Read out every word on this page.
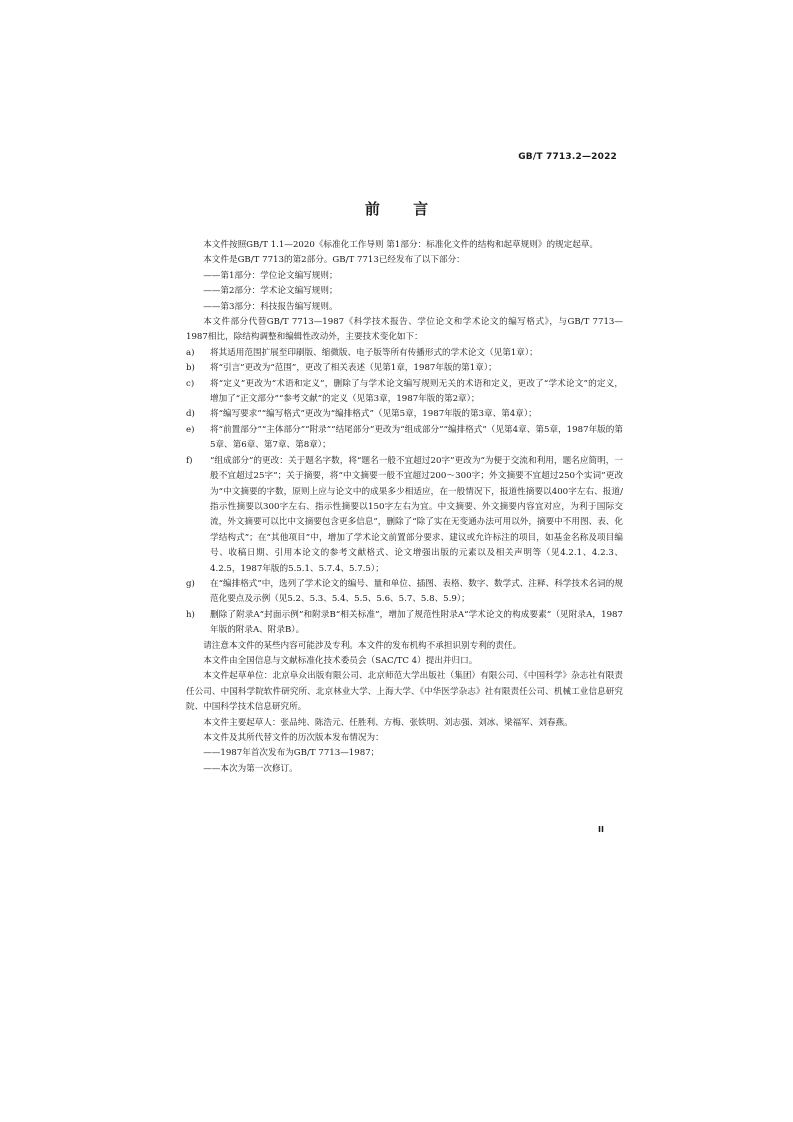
GB/T 7713.2—2022
前 言

本文件按照GB/T 1.1—2020《标准化工作导则 第1部分：标准化文件的结构和起草规则》的规定起草。

本文件是GB/T 7713的第2部分。GB/T 7713已经发布了以下部分：

——第1部分：学位论文编写规则；

——第2部分：学术论文编写规则；

——第3部分：科技报告编写规则。

本文件部分代替GB/T 7713—1987《科学技术报告、学位论文和学术论文的编写格式》，与GB/T 7713—1987相比，除结构调整和编辑性改动外，主要技术变化如下：

a)	将其适用范围扩展至印刷版、缩微版、电子版等所有传播形式的学术论文（见第1章）；
b)	将“引言”更改为“范围”，更改了相关表述（见第1章，1987年版的第1章）；
c)	将“定义”更改为“术语和定义”，删除了与学术论文编写规则无关的术语和定义，更改了“学术论文”的定义，增加了“正文部分”“参考文献”的定义（见第3章，1987年版的第2章）；
d)	将“编写要求”“编写格式”更改为“编排格式”（见第5章，1987年版的第3章、第4章）；
e)	将“前置部分”“主体部分”“附录”“结尾部分”更改为“组成部分”“编排格式”（见第4章、第5章，1987年版的第5章、第6章、第7章、第8章）；
f)	“组成部分”的更改：关于题名字数，将“题名一般不宜超过20字”更改为“为便于交流和利用，题名应简明，一般不宜超过25字”；关于摘要，将“中文摘要一般不宜超过200～300字；外文摘要不宜超过250个实词”更改为“中文摘要的字数，原则上应与论文中的成果多少相适应，在一般情况下，报道性摘要以400字左右、报道/指示性摘要以300字左右、指示性摘要以150字左右为宜。中文摘要、外文摘要内容宜对应，为利于国际交流，外文摘要可以比中文摘要包含更多信息”，删除了“除了实在无变通办法可用以外，摘要中不用图、表、化学结构式”；在“其他项目”中，增加了学术论文前置部分要求、建议或允许标注的项目，如基金名称及项目编号、收稿日期、引用本论文的参考文献格式、论文增强出版的元素以及相关声明等（见4.2.1、4.2.3、4.2.5，1987年版的5.5.1、5.7.4、5.7.5）；
g)	在“编排格式”中，选列了学术论文的编号、量和单位、插图、表格、数字、数学式、注释、科学技术名词的规范化要点及示例（见5.2、5.3、5.4、5.5、5.6、5.7、5.8、5.9）；
h)	删除了附录A“封面示例”和附录B“相关标准”，增加了规范性附录A“学术论文的构成要素”（见附录A，1987年版的附录A、附录B）。

请注意本文件的某些内容可能涉及专利。本文件的发布机构不承担识别专利的责任。

本文件由全国信息与文献标准化技术委员会（SAC/TC 4）提出并归口。

本文件起草单位：北京阜众出版有限公司、北京师范大学出版社（集团）有限公司、《中国科学》杂志社有限责任公司、中国科学院软件研究所、北京林业大学、上海大学、《中华医学杂志》社有限责任公司、机械工业信息研究院、中国科学技术信息研究所。

本文件主要起草人：张品纯、陈浩元、任胜利、方梅、张铁明、刘志强、刘冰、梁福军、刘春燕。

本文件及其所代替文件的历次版本发布情况为：

——1987年首次发布为GB/T 7713—1987；

——本次为第一次修订。

II
